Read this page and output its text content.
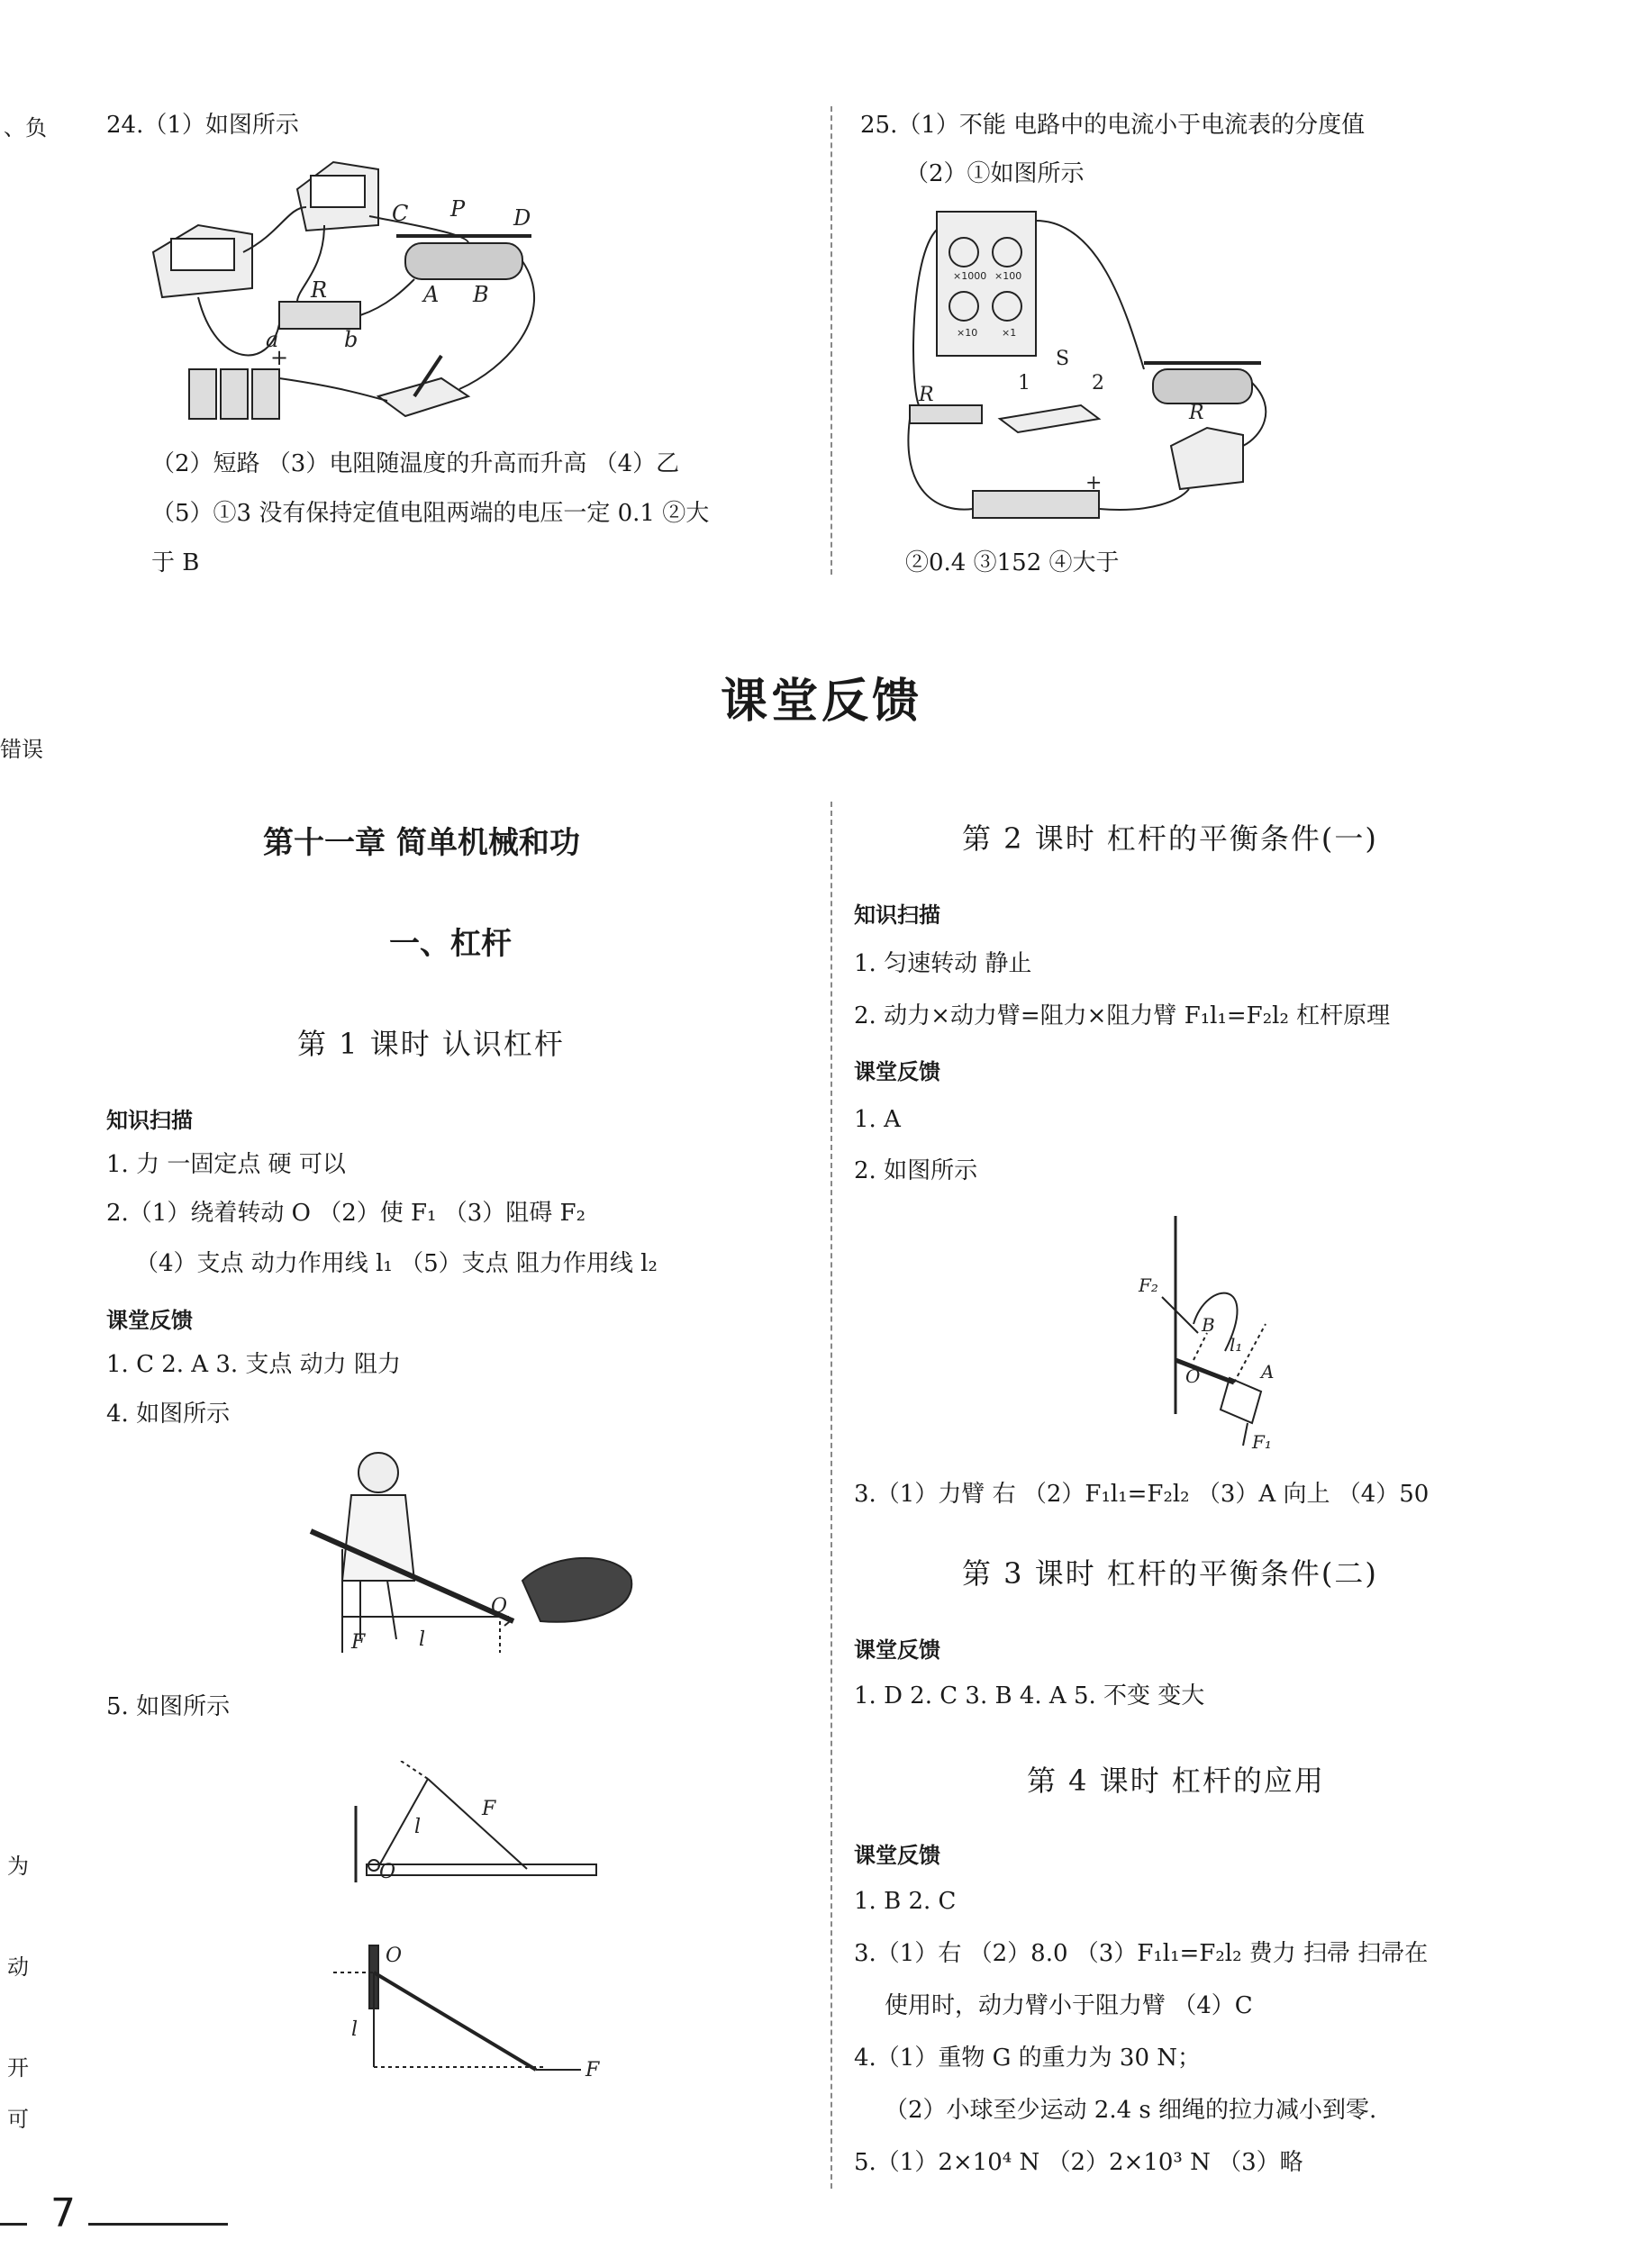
、负
错误
为
动
开
可
24.（1）如图所示
C P D
R	A B
a	b
+
（2）短路 （3）电阻随温度的升高而升高 （4）乙
（5）①3 没有保持定值电阻两端的电压一定 0.1 ②大
于 B
25.（1）不能 电路中的电流小于电流表的分度值
（2）①如图所示
R
S
1	2
R
+
×1000 ×100
×10 ×1
②0.4 ③152 ④大于
课堂反馈
第十一章 简单机械和功
一、杠杆
第 1 课时 认识杠杆
知识扫描
1. 力 一固定点 硬 可以
2.（1）绕着转动 O （2）使 F₁ （3）阻碍 F₂
（4）支点 动力作用线 l₁ （5）支点 阻力作用线 l₂
课堂反馈
1. C 2. A 3. 支点 动力 阻力
4. 如图所示
O
F	l
5. 如图所示
F
l
O
O
l
F
第 2 课时 杠杆的平衡条件(一)
知识扫描
1. 匀速转动 静止
2. 动力×动力臂=阻力×阻力臂 F₁l₁=F₂l₂ 杠杆原理
课堂反馈
1. A
2. 如图所示
F₂
B
l₁
O	A
F₁
3.（1）力臂 右 （2）F₁l₁=F₂l₂ （3）A 向上 （4）50
第 3 课时 杠杆的平衡条件(二)
课堂反馈
1. D 2. C 3. B 4. A 5. 不变 变大
第 4 课时 杠杆的应用
课堂反馈
1. B 2. C
3.（1）右 （2）8.0 （3）F₁l₁=F₂l₂ 费力 扫帚 扫帚在
使用时，动力臂小于阻力臂 （4）C
4.（1）重物 G 的重力为 30 N；
（2）小球至少运动 2.4 s 细绳的拉力减小到零.
5.（1）2×10⁴ N （2）2×10³ N （3）略
7
